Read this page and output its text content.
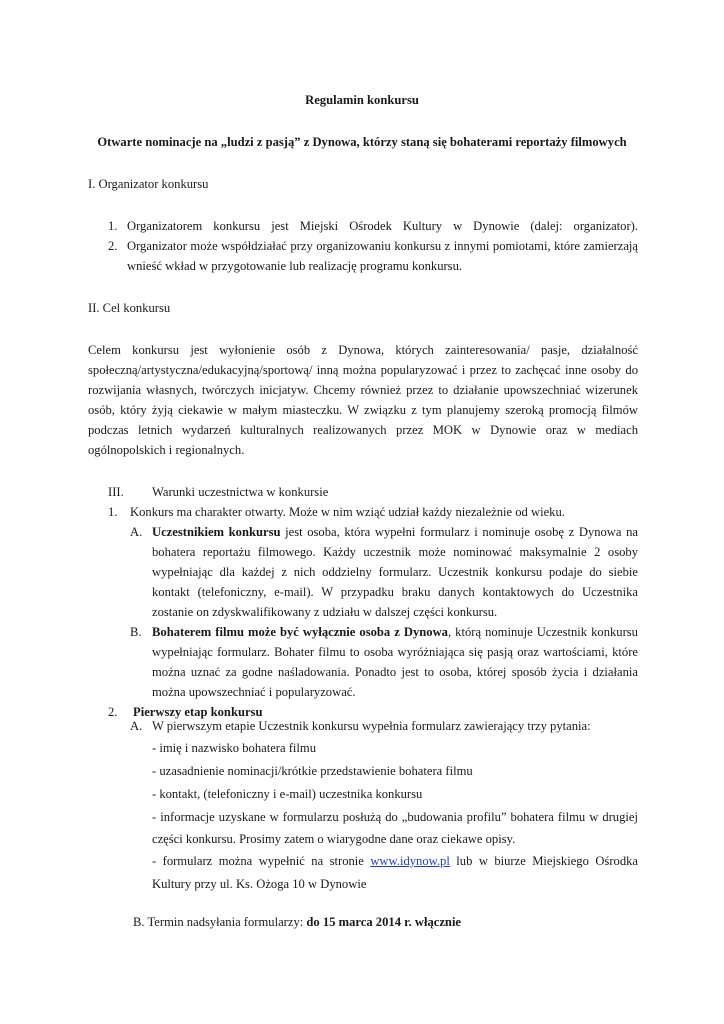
Regulamin konkursu
Otwarte nominacje na „ludzi z pasją” z Dynowa, którzy staną się bohaterami reportaży filmowych
I. Organizator konkursu
1. Organizatorem konkursu jest Miejski Ośrodek Kultury w Dynowie (dalej: organizator).
2. Organizator może współdziałać przy organizowaniu konkursu z innymi pomiotami, które zamierzają
wnieść wkład w przygotowanie lub realizację programu konkursu.
II. Cel konkursu
Celem konkursu jest wyłonienie osób z Dynowa, których zainteresowania/ pasje, działalność
społeczną/artystyczna/edukacyjną/sportową/ inną można popularyzować i przez to zachęcać inne osoby do
rozwijania własnych, twórczych inicjatyw. Chcemy również przez to działanie upowszechniać wizerunek
osób, który żyją ciekawie w małym miasteczku. W związku z tym planujemy szeroką promocją filmów
podczas letnich wydarzeń kulturalnych realizowanych przez MOK w Dynowie oraz w mediach
ogólnopolskich i regionalnych.
III. Warunki uczestnictwa w konkursie
1. Konkurs ma charakter otwarty. Może w nim wziąć udział każdy niezależnie od wieku.
A. Uczestnikiem konkursu jest osoba, która wypełni formularz i nominuje osobę z Dynowa na
bohatera reportażu filmowego. Każdy uczestnik może nominować maksymalnie 2 osoby
wypełniając dla każdej z nich oddzielny formularz. Uczestnik konkursu podaje do siebie
kontakt (telefoniczny, e-mail). W przypadku braku danych kontaktowych do Uczestnika
zostanie on zdyskwalifikowany z udziału w dalszej części konkursu.
B. Bohaterem filmu może być wyłącznie osoba z Dynowa, którą nominuje Uczestnik konkursu
wypełniając formularz. Bohater filmu to osoba wyróżniająca się pasją oraz wartościami, które
można uznać za godne naśladowania. Ponadto jest to osoba, której sposób życia i działania
można upowszechniać i popularyzować.
2. Pierwszy etap konkursu
A. W pierwszym etapie Uczestnik konkursu wypełnia formularz zawierający trzy pytania:
- imię i nazwisko bohatera filmu
- uzasadnienie nominacji/krótkie przedstawienie bohatera filmu
- kontakt, (telefoniczny i e-mail) uczestnika konkursu
- informacje uzyskane w formularzu posłużą do „budowania profilu” bohatera filmu w drugiej
części konkursu. Prosimy zatem o wiarygodne dane oraz ciekawe opisy.
- formularz można wypełnić na stronie www.idynow.pl lub w biurze Miejskiego Ośrodka
Kultury przy ul. Ks. Ożoga 10 w Dynowie
B. Termin nadsyłania formularzy: do 15 marca 2014 r. włącznie
